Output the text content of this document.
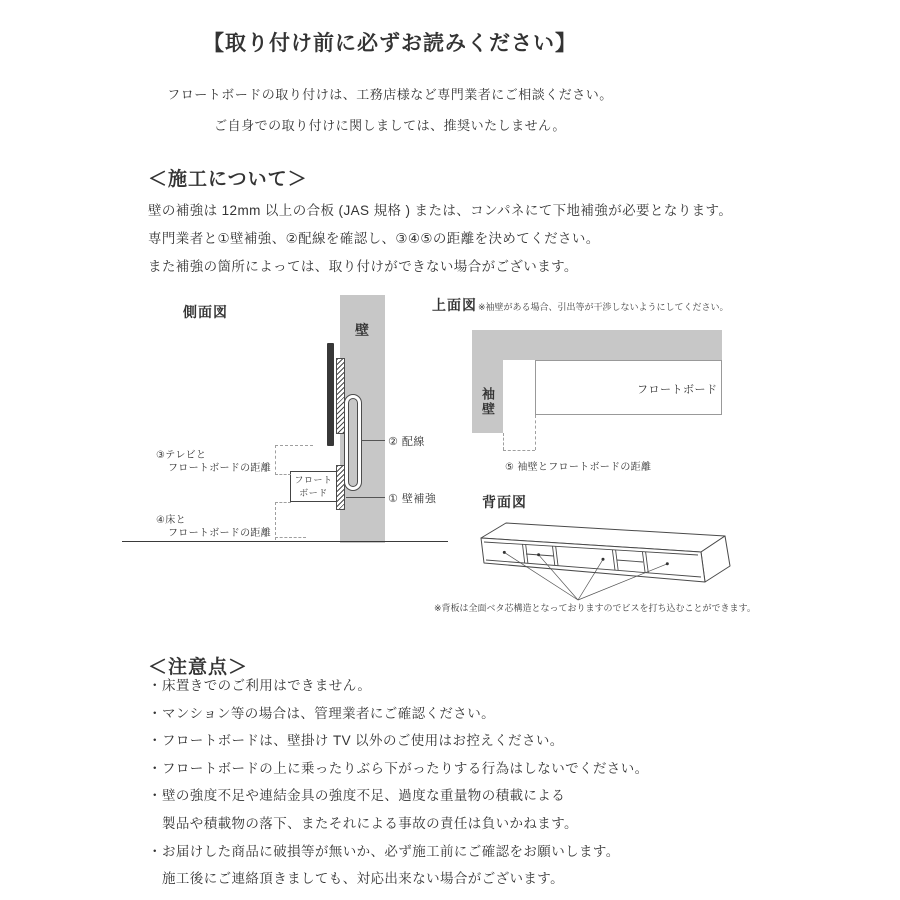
【取り付け前に必ずお読みください】

フロートボードの取り付けは、工務店様など専門業者にご相談ください。

ご自身での取り付けに関しましては、推奨いたしません。

＜施工について＞

壁の補強は 12mm 以上の合板 (JAS 規格 ) または、コンパネにて下地補強が必要となります。

専門業者と①壁補強、②配線を確認し、③④⑤の距離を決めてください。

また補強の箇所によっては、取り付けができない場合がございます。

側面図
壁
フロート
ボード
② 配線
① 壁補強
③テレビと
フロートボードの距離
④床と
フロートボードの距離
上面図 ※袖壁がある場合、引出等が干渉しないようにしてください。
袖壁	フロートボード
⑤ 袖壁とフロートボードの距離
背面図
※背板は全面ベタ芯構造となっておりますのでビスを打ち込むことができます。
＜注意点＞
・ 床置きでのご利用はできません。
・ マンション等の場合は、管理業者にご確認ください。
・ フロートボードは、壁掛け TV 以外のご使用はお控えください。
・ フロートボードの上に乗ったりぶら下がったりする行為はしないでください。
・ 壁の強度不足や連結金具の強度不足、過度な重量物の積載による
製品や積載物の落下、またそれによる事故の責任は負いかねます。
・ お届けした商品に破損等が無いか、必ず施工前にご確認をお願いします。
施工後にご連絡頂きましても、対応出来ない場合がございます。
